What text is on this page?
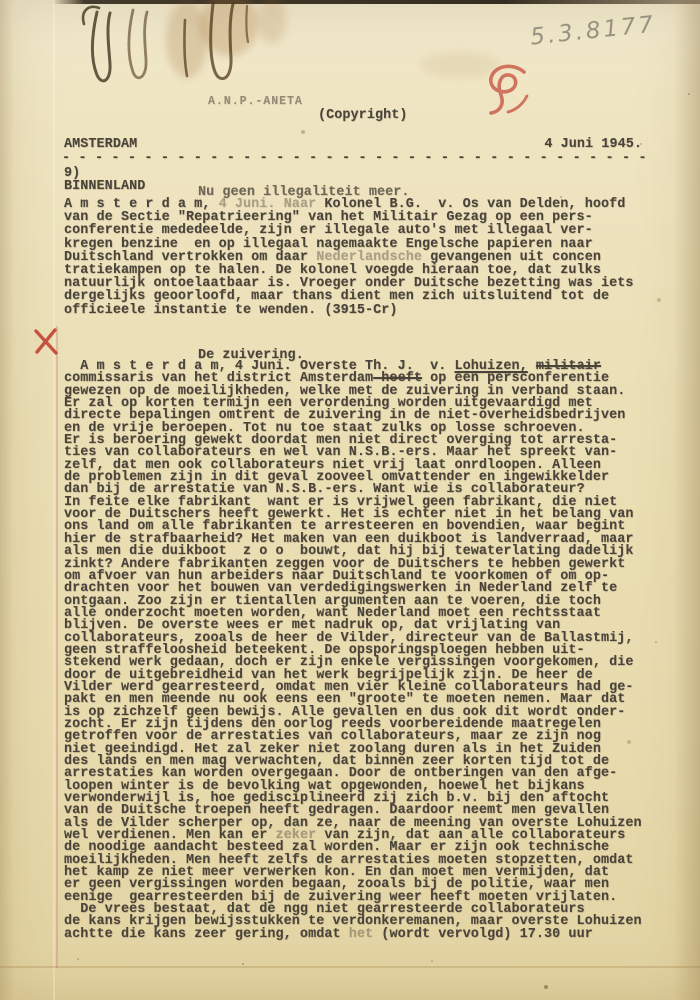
5.3.8177
A.N.P.-ANETA
(Copyright)
AMSTERDAM	4 Juni 1945.
- - - - - - - - - - - - - - - - - - - - - - - - - - - - - - - - - - - -
9)
BINNENLAND	Nu geen illegaliteit meer.
A m s t e r d a m, 4 Juni. Naar Kolonel B.G.  v. Os van Delden, hoofd
van de Sectie "Repatrieering" van het Militair Gezag op een pers-
conferentie mededeelde, zijn er illegale auto's met illegaal ver-
kregen benzine  en op illegaal nagemaakte Engelsche papieren naar
Duitschland vertrokken om daar Nederlandsche gevangenen uit concen
tratiekampen op te halen. De kolonel voegde hieraan toe, dat zulks
natuurlijk ontoelaatbaar is. Vroeger onder Duitsche bezetting was iets
dergelijks geoorloofd, maar thans dient men zich uitsluitend tot de
officieele instantie te wenden. (3915-Cr)
De zuivering.
A m s t e r d a m, 4 Juni. Overste Th. J.  v. Lohuizen, militair
commissaris van het district Amsterdam heeft op een persconferentie
gewezen op de moeilijkheden, welke met de zuivering in verband staan.
Er zal op korten termijn een verordening worden uitgevaardigd met
directe bepalingen omtrent de zuivering in de niet-overheidsbedrijven
en de vrije beroepen. Tot nu toe staat zulks op losse schroeven.
Er is beroering gewekt doordat men niet direct overging tot arresta-
ties van collaborateurs en wel van N.S.B.-ers. Maar het spreekt van-
zelf, dat men ook collaborateurs niet vrij laat onrdloopen. Alleen
de problemen zijn in dit geval zooveel omvattender en ingewikkelder
dan bij de arrestatie van N.S.B.-ers. Want wie is collaborateur?
In feite elke fabrikant  want er is vrijwel geen fabrikant, die niet
voor de Duitschers heeft gewerkt. Het is echter niet in het belang van
ons land om alle fabrikanten te arresteeren en bovendien, waar begint
hier de strafbaarheid? Het maken van een duikboot is landverraad, maar
als men die duikboot  z o o  bouwt, dat hij bij tewaterlating dadelijk
zinkt? Andere fabrikanten zeggen voor de Duitschers te hebben gewerkt
om afvoer van hun arbeiders naar Duitschland te voorkomen of om op-
drachten voor het bouwen van verdedigingswerken in Nederland zelf te
ontgaan. Zoo zijn er tientallen argumenten aan te voeren, die toch
alle onderzocht moeten worden, want Nederland moet een rechtsstaat
blijven. De overste wees er met nadruk op, dat vrijlating van
collaborateurs, zooals de heer de Vilder, directeur van de Ballastmij,
geen straffeloosheid beteekent. De opsporingsploegen hebben uit-
stekend werk gedaan, doch er zijn enkele vergissingen voorgekomen, die
door de uitgebreidheid van het werk begrijpelijk zijn. De heer de
Vilder werd gearresteerd, omdat men vier kleine collaborateurs had ge-
pakt en men meende nu ook eens een "groote" te moeten nemen. Maar dat
is op zichzelf geen bewijs. Alle gevallen en dus ook dit wordt onder-
zocht. Er zijn tijdens den oorlog reeds voorbereidende maatregelen
getroffen voor de arrestaties van collaborateurs, maar ze zijn nog
niet geeindigd. Het zal zeker niet zoolang duren als in het Zuiden
des lands en men mag verwachten, dat binnen zeer korten tijd tot de
arrestaties kan worden overgegaan. Door de ontberingen van den afge-
loopen winter is de bevolking wat opgewonden, hoewel het bijkans
verwonderwijl is, hoe gedisciplineerd zij zich b.v. bij den aftocht
van de Duitsche troepen heeft gedragen. Daardoor neemt men gevallen
als de Vilder scherper op, dan ze, naar de meening van overste Lohuizen
wel verdienen. Men kan er zeker van zijn, dat aan alle collaborateurs
de noodige aandacht besteed zal worden. Maar er zijn ook technische
moeilijkheden. Men heeft zelfs de arrestaties moeten stopzetten, omdat
het kamp ze niet meer verwerken kon. En dan moet men vermijden, dat
er geen vergissingen worden begaan, zooals bij de politie, waar men
eenige  gearresteerden bij de zuivering weer heeft moeten vrijlaten.
De vrees bestaat, dat de ngg niet gearresteerde collaborateurs
de kans krijgen bewijsstukken te verdonkeremanen, maar overste Lohuizen
achtte die kans zeer gering, omdat het (wordt vervolgd) 17.30 uur
